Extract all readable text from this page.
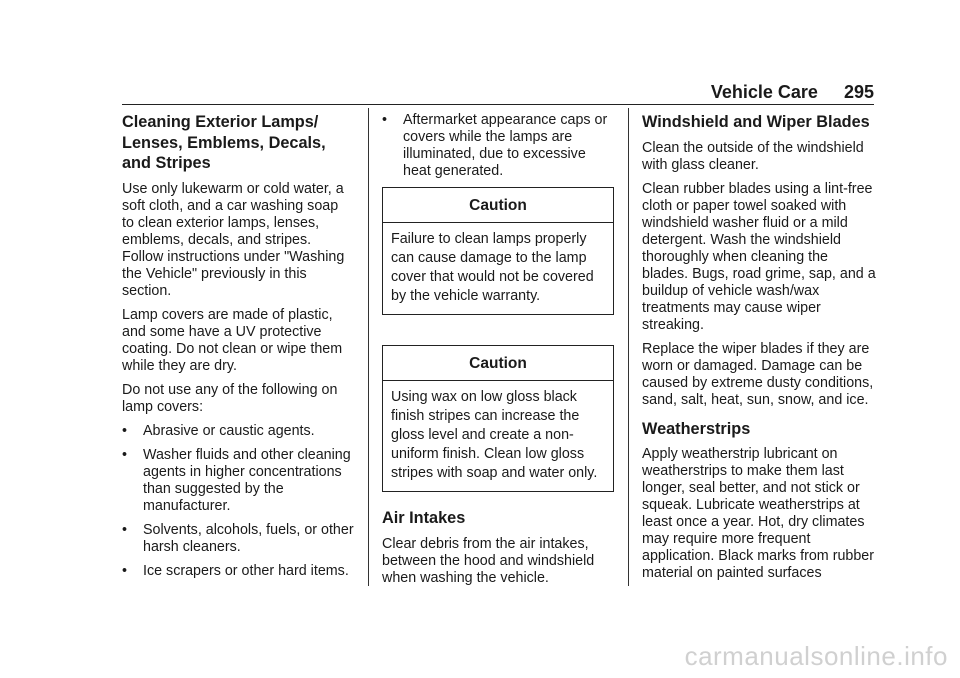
Vehicle Care 295
Cleaning Exterior Lamps/ Lenses, Emblems, Decals, and Stripes
Use only lukewarm or cold water, a soft cloth, and a car washing soap to clean exterior lamps, lenses, emblems, decals, and stripes. Follow instructions under "Washing the Vehicle" previously in this section.
Lamp covers are made of plastic, and some have a UV protective coating. Do not clean or wipe them while they are dry.
Do not use any of the following on lamp covers:
•	Abrasive or caustic agents.
•	Washer fluids and other cleaning agents in higher concentrations than suggested by the manufacturer.
•	Solvents, alcohols, fuels, or other harsh cleaners.
•	Ice scrapers or other hard items.
•	Aftermarket appearance caps or covers while the lamps are illuminated, due to excessive heat generated.
Caution
Failure to clean lamps properly can cause damage to the lamp cover that would not be covered by the vehicle warranty.
Caution
Using wax on low gloss black finish stripes can increase the gloss level and create a non-uniform finish. Clean low gloss stripes with soap and water only.
Air Intakes
Clear debris from the air intakes, between the hood and windshield when washing the vehicle.
Windshield and Wiper Blades
Clean the outside of the windshield with glass cleaner.
Clean rubber blades using a lint-free cloth or paper towel soaked with windshield washer fluid or a mild detergent. Wash the windshield thoroughly when cleaning the blades. Bugs, road grime, sap, and a buildup of vehicle wash/wax treatments may cause wiper streaking.
Replace the wiper blades if they are worn or damaged. Damage can be caused by extreme dusty conditions, sand, salt, heat, sun, snow, and ice.
Weatherstrips
Apply weatherstrip lubricant on weatherstrips to make them last longer, seal better, and not stick or squeak. Lubricate weatherstrips at least once a year. Hot, dry climates may require more frequent application. Black marks from rubber material on painted surfaces
carmanualsonline.info
